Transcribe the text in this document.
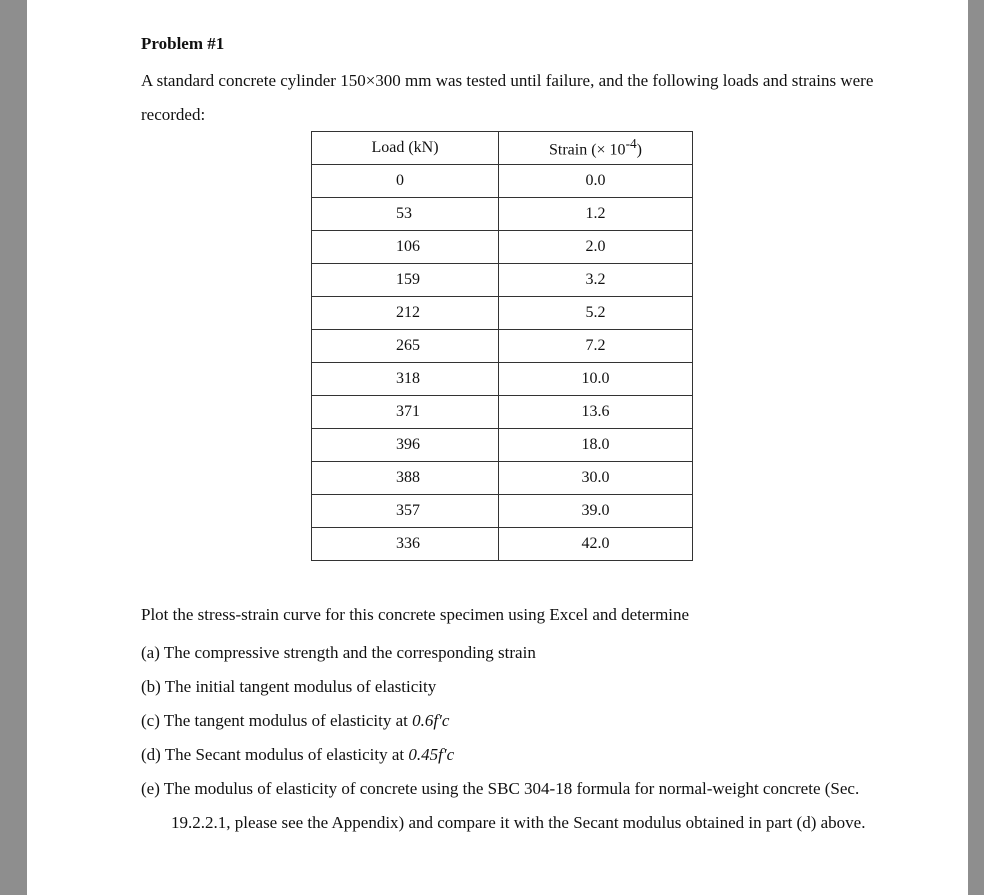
Problem #1

A standard concrete cylinder 150×300 mm was tested until failure, and the following loads and strains were recorded:

Load (kN)	Strain (× $10^{-4}$)
0	0.0
53	1.2
106	2.0
159	3.2
212	5.2
265	7.2
318	10.0
371	13.6
396	18.0
388	30.0
357	39.0
336	42.0

Plot the stress-strain curve for this concrete specimen using Excel and determine

(a) The compressive strength and the corresponding strain
(b) The initial tangent modulus of elasticity
(c) The tangent modulus of elasticity at 0.6f′c
(d) The Secant modulus of elasticity at 0.45f′c
(e) The modulus of elasticity of concrete using the SBC 304-18 formula for normal-weight concrete (Sec. 19.2.2.1, please see the Appendix) and compare it with the Secant modulus obtained in part (d) above.
